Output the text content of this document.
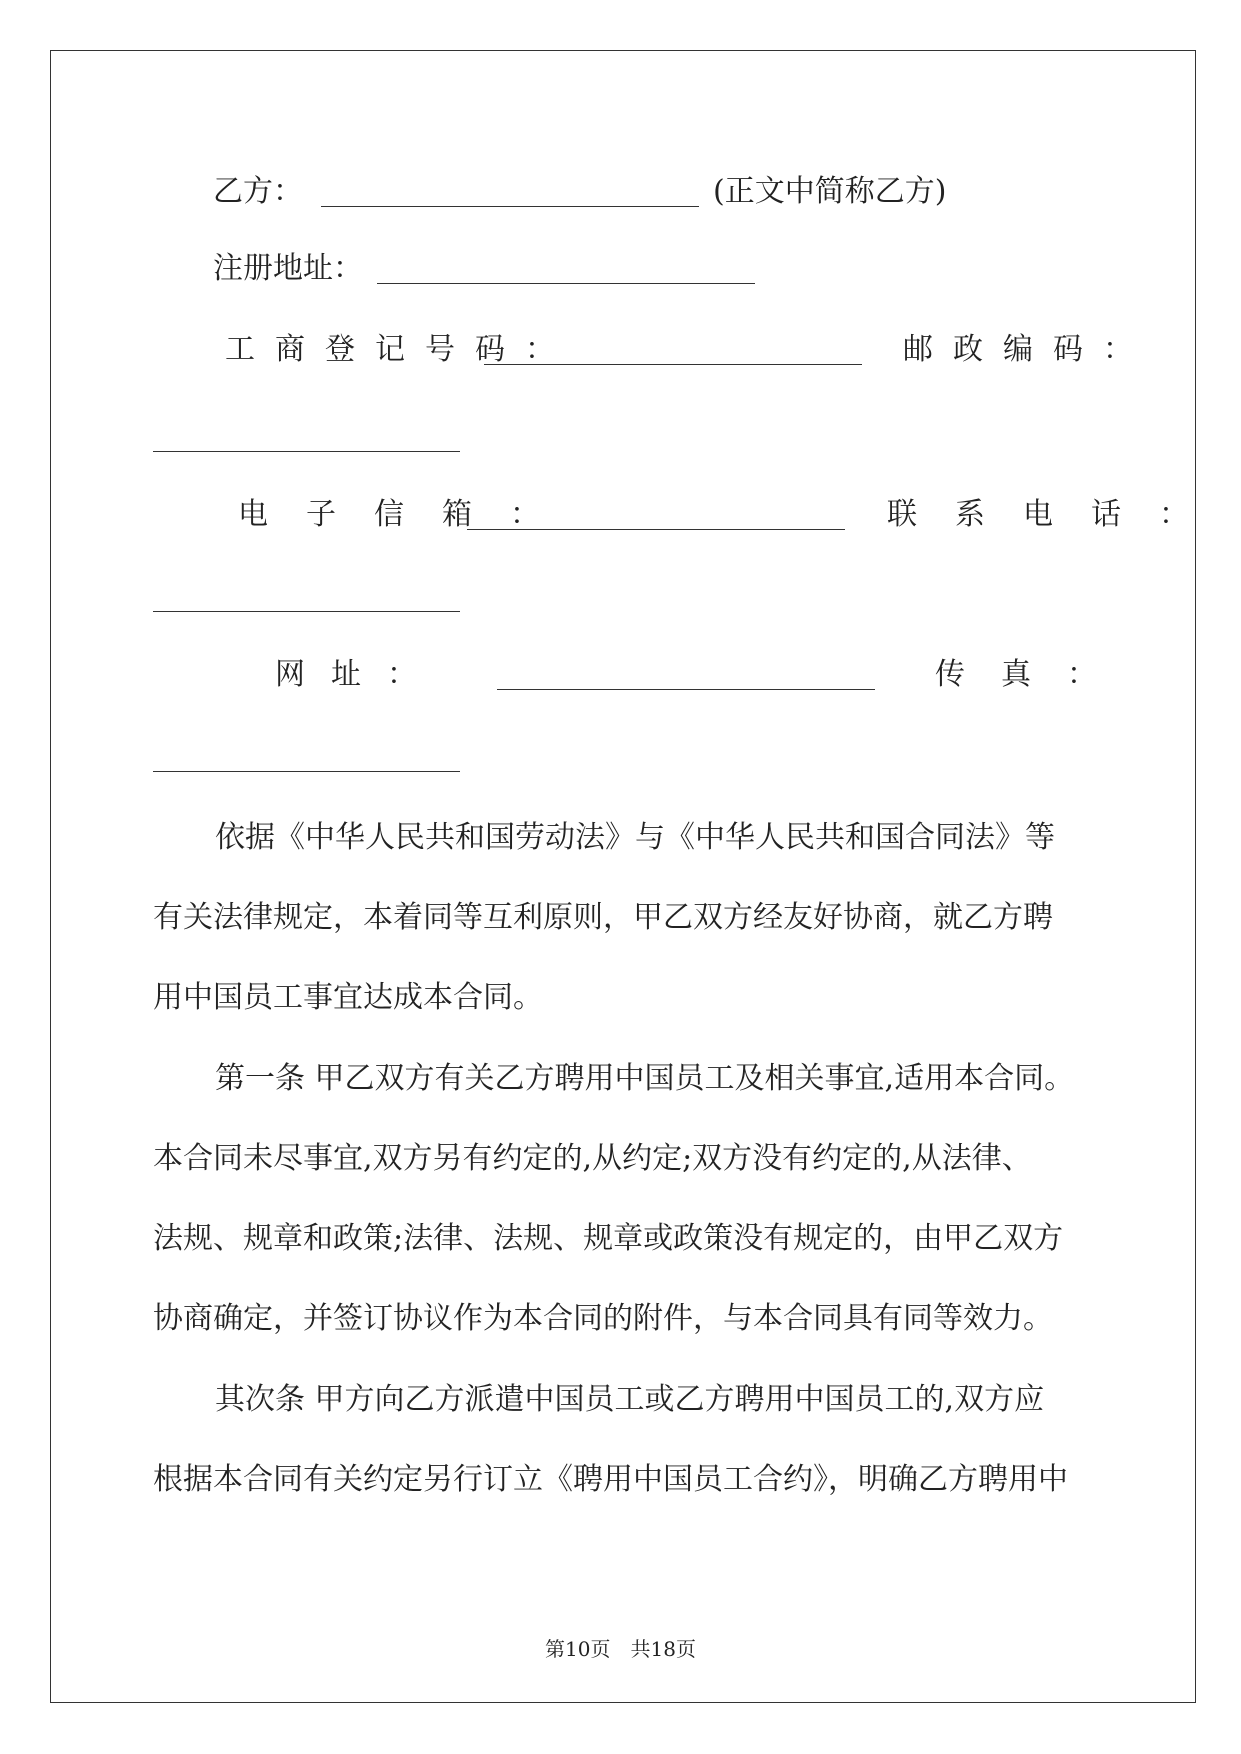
乙方：	(正文中简称乙方)
注册地址：
工商登记号码：	邮政编码：
电子信箱：	联系电话：
网址：	传真：
依据《中华人民共和国劳动法》与《中华人民共和国合同法》等
有关法律规定，本着同等互利原则，甲乙双方经友好协商，就乙方聘
用中国员工事宜达成本合同。
第一条 甲乙双方有关乙方聘用中国员工及相关事宜,适用本合同。
本合同未尽事宜,双方另有约定的,从约定;双方没有约定的,从法律、
法规、规章和政策;法律、法规、规章或政策没有规定的，由甲乙双方
协商确定，并签订协议作为本合同的附件，与本合同具有同等效力。
其次条 甲方向乙方派遣中国员工或乙方聘用中国员工的,双方应
根据本合同有关约定另行订立《聘用中国员工合约》，明确乙方聘用中
第10页　共18页
